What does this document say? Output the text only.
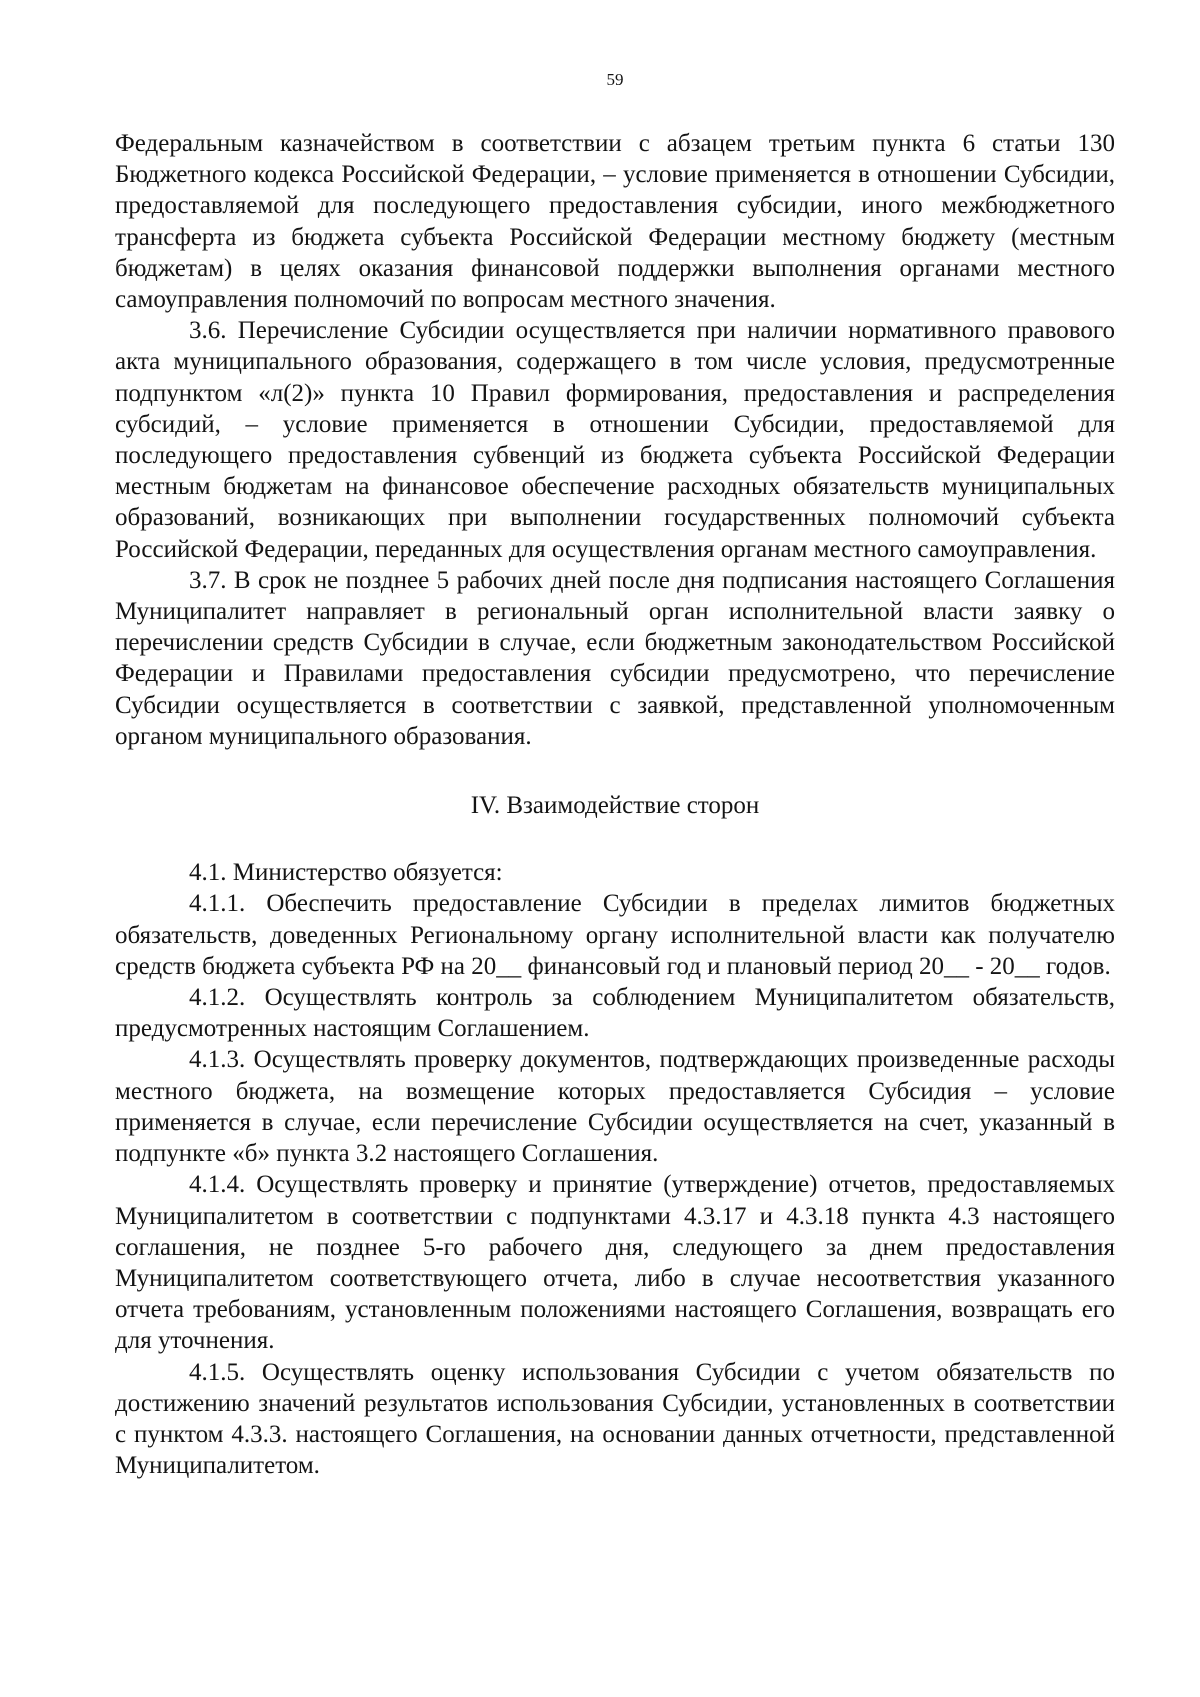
59

Федеральным казначейством в соответствии с абзацем третьим пункта 6 статьи 130 Бюджетного кодекса Российской Федерации, – условие применяется в отношении Субсидии, предоставляемой для последующего предоставления субсидии, иного межбюджетного трансферта из бюджета субъекта Российской Федерации местному бюджету (местным бюджетам) в целях оказания финансовой поддержки выполнения органами местного самоуправления полномочий по вопросам местного значения.

3.6. Перечисление Субсидии осуществляется при наличии нормативного правового акта муниципального образования, содержащего в том числе условия, предусмотренные подпунктом «л(2)» пункта 10 Правил формирования, предоставления и распределения субсидий, – условие применяется в отношении Субсидии, предоставляемой для последующего предоставления субвенций из бюджета субъекта Российской Федерации местным бюджетам на финансовое обеспечение расходных обязательств муниципальных образований, возникающих при выполнении государственных полномочий субъекта Российской Федерации, переданных для осуществления органам местного самоуправления.

3.7. В срок не позднее 5 рабочих дней после дня подписания настоящего Соглашения Муниципалитет направляет в региональный орган исполнительной власти заявку о перечислении средств Субсидии в случае, если бюджетным законодательством Российской Федерации и Правилами предоставления субсидии предусмотрено, что перечисление Субсидии осуществляется в соответствии с заявкой, представленной уполномоченным органом муниципального образования.

IV. Взаимодействие сторон

4.1. Министерство обязуется:

4.1.1. Обеспечить предоставление Субсидии в пределах лимитов бюджетных обязательств, доведенных Региональному органу исполнительной власти как получателю средств бюджета субъекта РФ на 20__ финансовый год и плановый период 20__ - 20__ годов.

4.1.2. Осуществлять контроль за соблюдением Муниципалитетом обязательств, предусмотренных настоящим Соглашением.

4.1.3. Осуществлять проверку документов, подтверждающих произведенные расходы местного бюджета, на возмещение которых предоставляется Субсидия – условие применяется в случае, если перечисление Субсидии осуществляется на счет, указанный в подпункте «б» пункта 3.2 настоящего Соглашения.

4.1.4. Осуществлять проверку и принятие (утверждение) отчетов, предоставляемых Муниципалитетом в соответствии с подпунктами 4.3.17 и 4.3.18 пункта 4.3 настоящего соглашения, не позднее 5-го рабочего дня, следующего за днем предоставления Муниципалитетом соответствующего отчета, либо в случае несоответствия указанного отчета требованиям, установленным положениями настоящего Соглашения, возвращать его для уточнения.

4.1.5. Осуществлять оценку использования Субсидии с учетом обязательств по достижению значений результатов использования Субсидии, установленных в соответствии с пунктом 4.3.3. настоящего Соглашения, на основании данных отчетности, представленной Муниципалитетом.
